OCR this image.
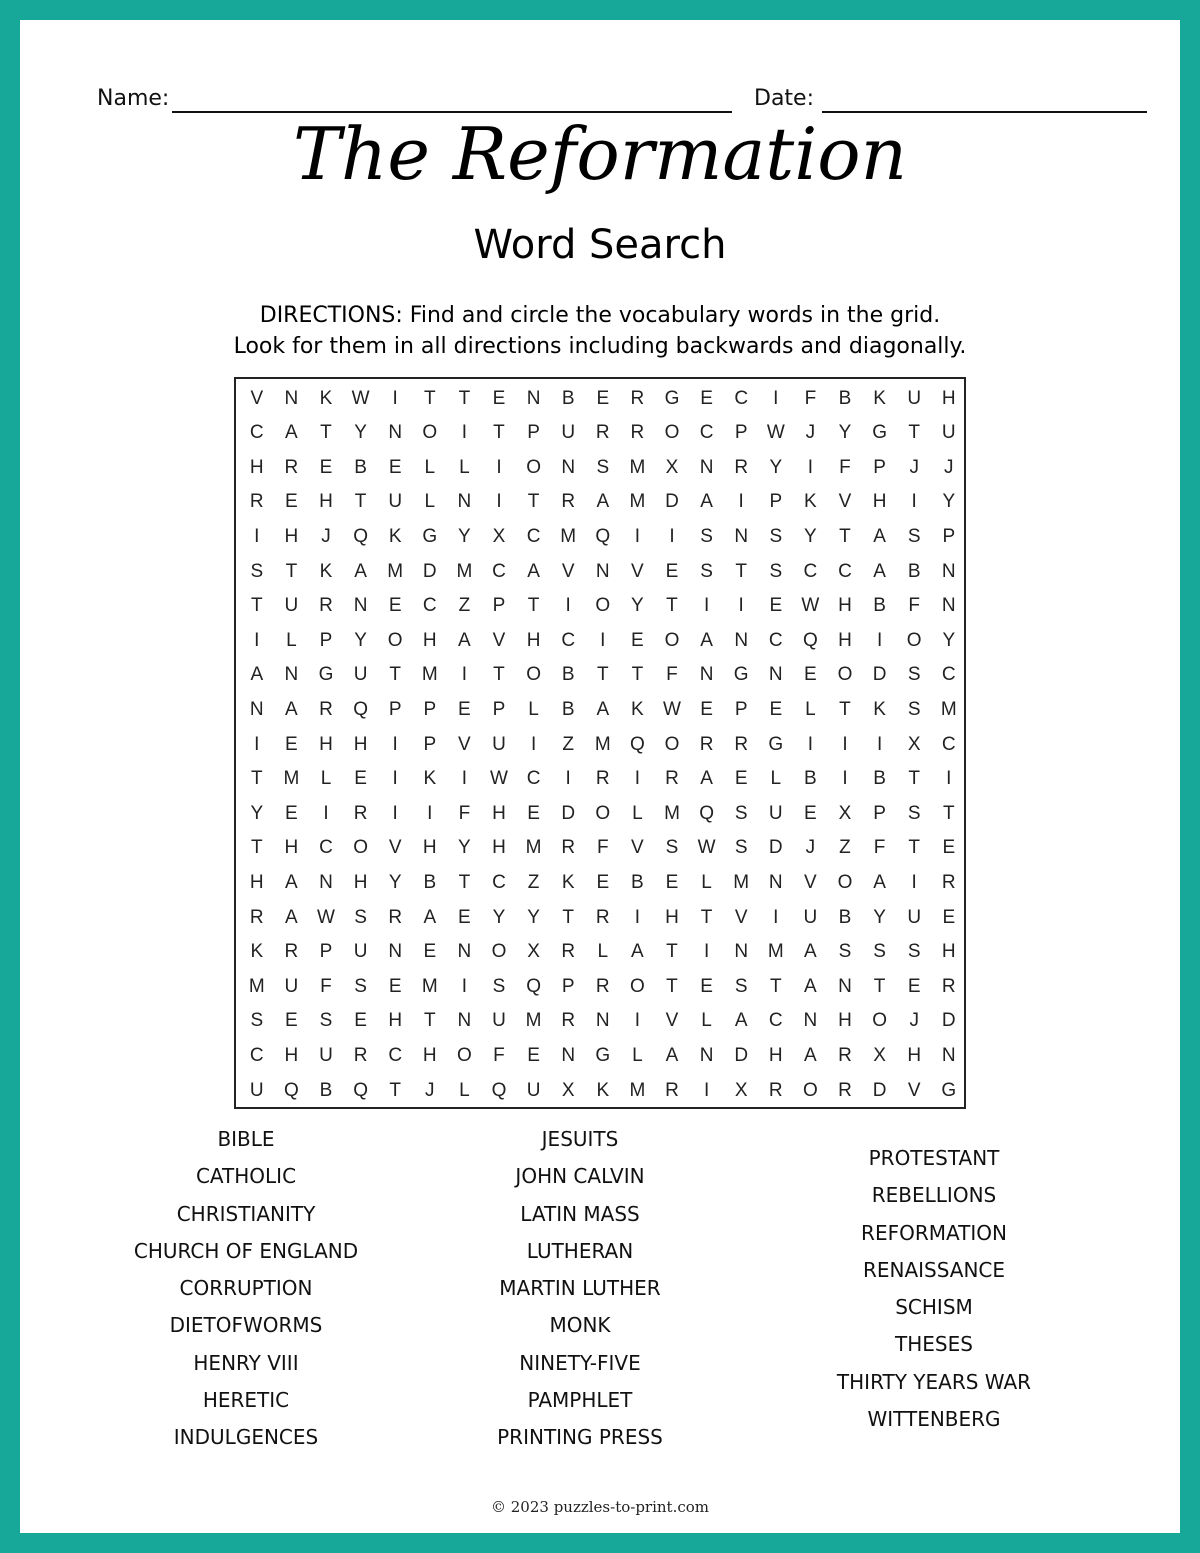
Name:	Date:
The Reformation
Word Search
DIRECTIONS: Find and circle the vocabulary words in the grid.
Look for them in all directions including backwards and diagonally.
V	N	K	W	I	T	T	E	N	B	E	R	G	E	C	I	F	B	K	U	H
C	A	T	Y	N	O	I	T	P	U	R	R	O	C	P	W	J	Y	G	T	U
H	R	E	B	E	L	L	I	O	N	S	M	X	N	R	Y	I	F	P	J	J
R	E	H	T	U	L	N	I	T	R	A	M	D	A	I	P	K	V	H	I	Y
I	H	J	Q	K	G	Y	X	C	M	Q	I	I	S	N	S	Y	T	A	S	P
S	T	K	A	M	D	M	C	A	V	N	V	E	S	T	S	C	C	A	B	N
T	U	R	N	E	C	Z	P	T	I	O	Y	T	I	I	E	W H	B	F	N
I	L	P	Y	O	H	A	V	H	C	I	E	O	A	N	C	Q	H	I	O	Y
A	N	G	U	T	M	I	T	O	B	T	T	F	N	G	N	E	O	D	S	C
N	A	R	Q	P	P	E	P	L	B	A	K	W	E	P	E	L	T	K	S	M
I	E	H	H	I	P	V	U	I	Z	M	Q	O	R	R	G	I	I	I	X	C
T	M	L	E	I	K	I	W C	I	R	I	R	A	E	L	B	I	B	T	I
Y	E	I	R	I	I	F	H	E	D	O	L	M	Q	S	U	E	X	P	S	T
T	H	C	O	V	H	Y	H	M	R	F	V	S	W	S	D	J	Z	F	T	E
H	A	N	H	Y	B	T	C	Z	K	E	B	E	L	M	N	V	O	A	I	R
R	A	W	S	R	A	E	Y	Y	T	R	I	H	T	V	I	U	B	Y	U	E
K	R	P	U	N	E	N	O	X	R	L	A	T	I	N	M	A	S	S	S	H
M	U	F	S	E	M	I	S	Q	P	R	O	T	E	S	T	A	N	T	E	R
S	E	S	E	H	T	N	U	M	R	N	I	V	L	A	C	N	H	O	J	D
C	H	U	R	C	H	O	F	E	N	G	L	A	N	D	H	A	R	X	H	N
U	Q	B	Q	T	J	L	Q	U	X	K	M	R	I	X	R	O	R	D	V	G
BIBLE
CATHOLIC
CHRISTIANITY
CHURCH OF ENGLAND
CORRUPTION
DIETOFWORMS
HENRY VIII
HERETIC
INDULGENCES
JESUITS
JOHN CALVIN
LATIN MASS
LUTHERAN
MARTIN LUTHER
MONK
NINETY-FIVE
PAMPHLET
PRINTING PRESS
PROTESTANT
REBELLIONS
REFORMATION
RENAISSANCE
SCHISM
THESES
THIRTY YEARS WAR
WITTENBERG
© 2023 puzzles-to-print.com
